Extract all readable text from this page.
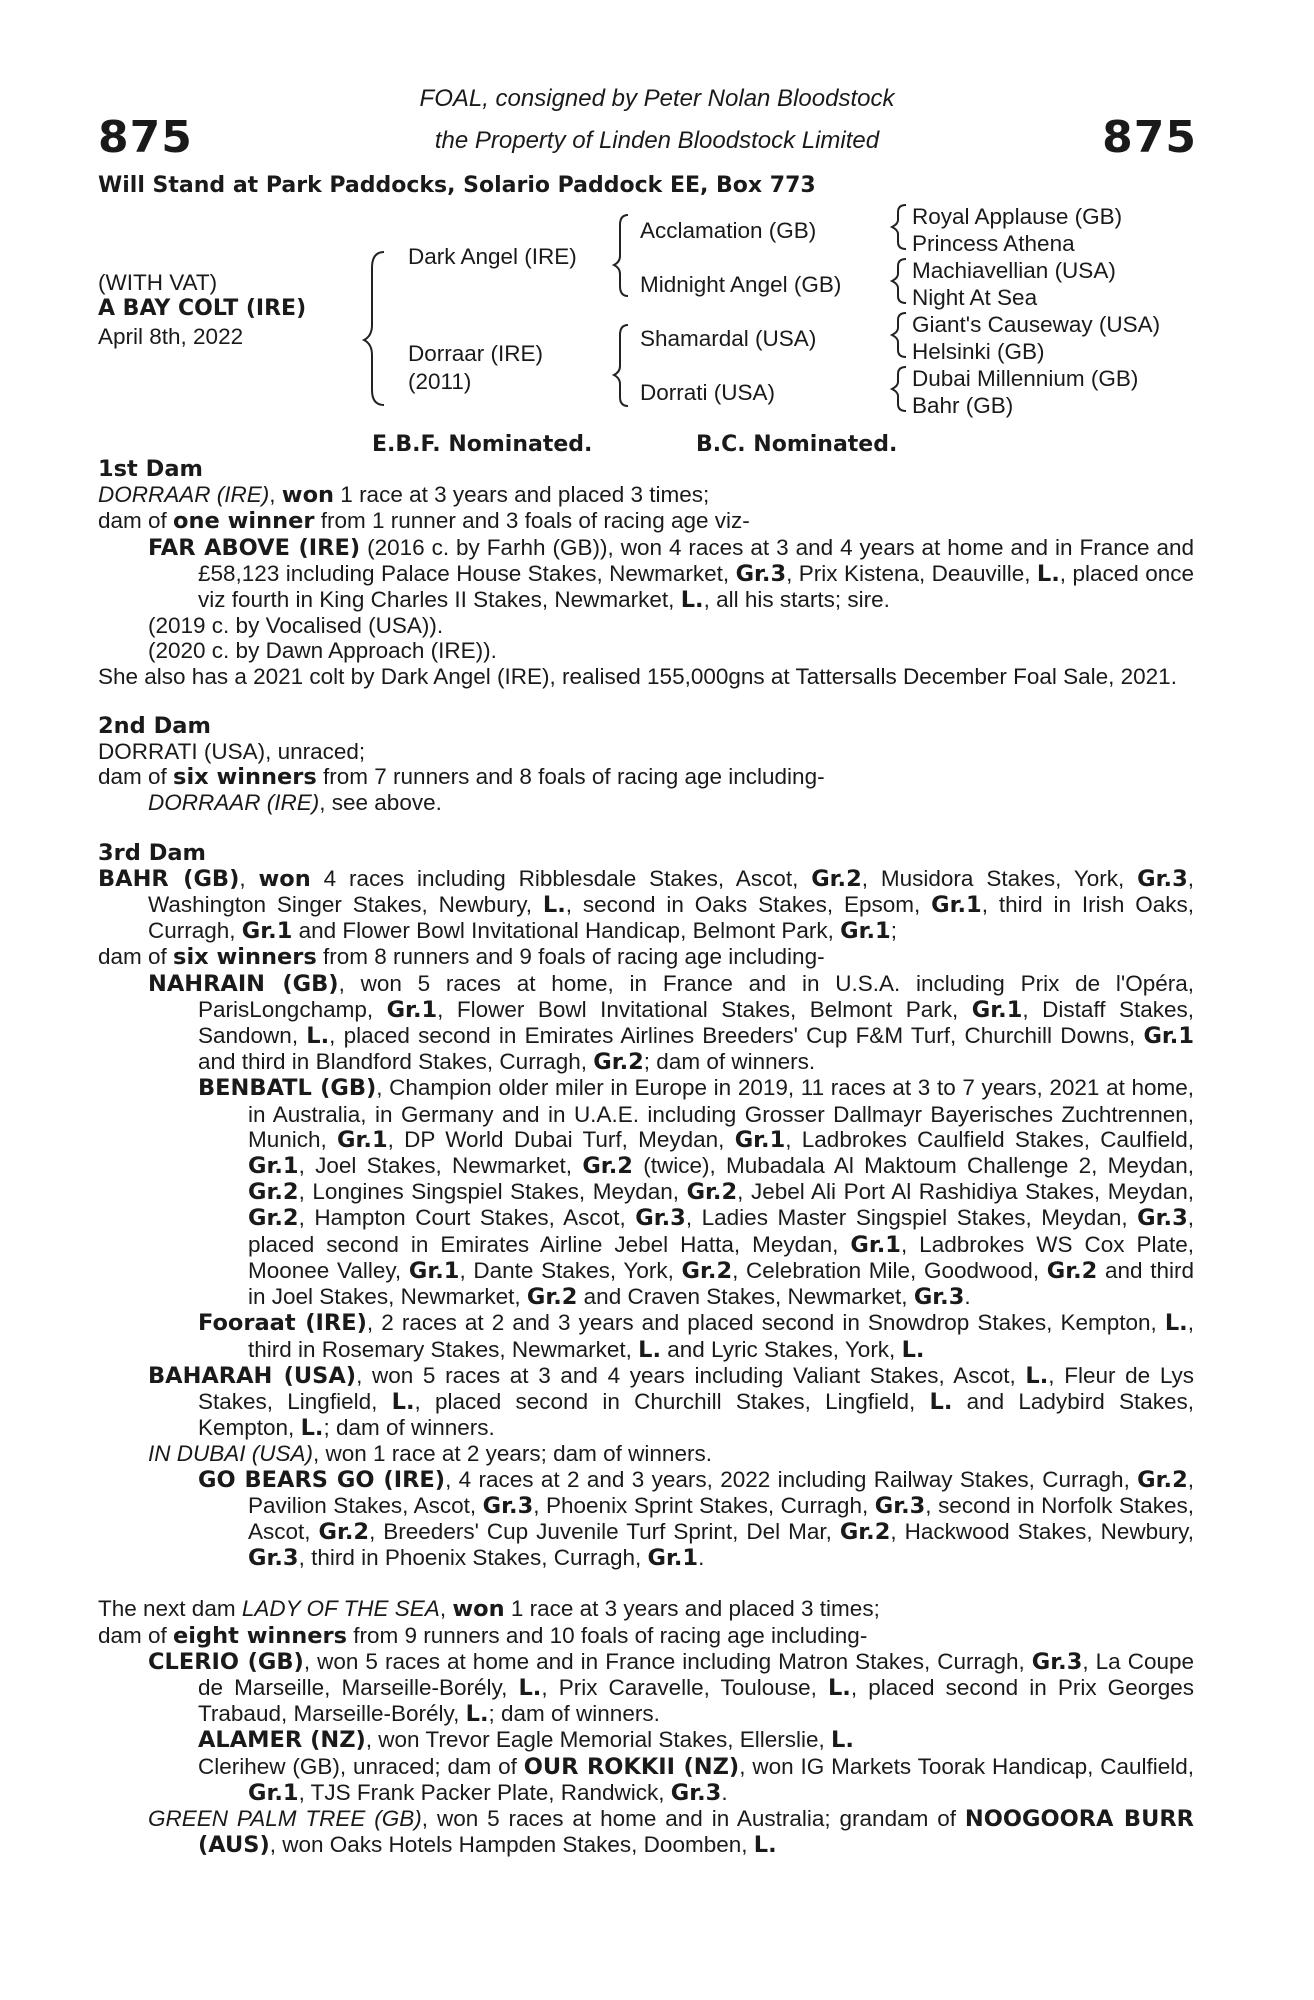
875	875
FOAL, consigned by Peter Nolan Bloodstock
the Property of Linden Bloodstock Limited
Will Stand at Park Paddocks, Solario Paddock EE, Box 773
(WITH VAT)
A BAY COLT (IRE)
April 8th, 2022
Dark Angel (IRE)
Dorraar (IRE)
(2011)
Acclamation (GB)
Midnight Angel (GB)
Shamardal (USA)
Dorrati (USA)
Royal Applause (GB)
Princess Athena
Machiavellian (USA)
Night At Sea
Giant's Causeway (USA)
Helsinki (GB)
Dubai Millennium (GB)
Bahr (GB)
E.B.F. Nominated.	B.C. Nominated.

1st Dam

DORRAAR (IRE), won 1 race at 3 years and placed 3 times;

dam of one winner from 1 runner and 3 foals of racing age viz-

FAR ABOVE (IRE) (2016 c. by Farhh (GB)), won 4 races at 3 and 4 years at home and in France and £58,123 including Palace House Stakes, Newmarket, Gr.3, Prix Kistena, Deauville, L., placed once viz fourth in King Charles II Stakes, Newmarket, L., all his starts; sire.

(2019 c. by Vocalised (USA)).

(2020 c. by Dawn Approach (IRE)).

She also has a 2021 colt by Dark Angel (IRE), realised 155,000gns at Tattersalls December Foal Sale, 2021.

2nd Dam

DORRATI (USA), unraced;

dam of six winners from 7 runners and 8 foals of racing age including-

DORRAAR (IRE), see above.

3rd Dam

BAHR (GB), won 4 races including Ribblesdale Stakes, Ascot, Gr.2, Musidora Stakes, York, Gr.3, Washington Singer Stakes, Newbury, L., second in Oaks Stakes, Epsom, Gr.1, third in Irish Oaks, Curragh, Gr.1 and Flower Bowl Invitational Handicap, Belmont Park, Gr.1;

dam of six winners from 8 runners and 9 foals of racing age including-

NAHRAIN (GB), won 5 races at home, in France and in U.S.A. including Prix de l'Opéra, ParisLongchamp, Gr.1, Flower Bowl Invitational Stakes, Belmont Park, Gr.1, Distaff Stakes, Sandown, L., placed second in Emirates Airlines Breeders' Cup F&M Turf, Churchill Downs, Gr.1 and third in Blandford Stakes, Curragh, Gr.2; dam of winners.

BENBATL (GB), Champion older miler in Europe in 2019, 11 races at 3 to 7 years, 2021 at home, in Australia, in Germany and in U.A.E. including Grosser Dallmayr Bayerisches Zuchtrennen, Munich, Gr.1, DP World Dubai Turf, Meydan, Gr.1, Ladbrokes Caulfield Stakes, Caulfield, Gr.1, Joel Stakes, Newmarket, Gr.2 (twice), Mubadala Al Maktoum Challenge 2, Meydan, Gr.2, Longines Singspiel Stakes, Meydan, Gr.2, Jebel Ali Port Al Rashidiya Stakes, Meydan, Gr.2, Hampton Court Stakes, Ascot, Gr.3, Ladies Master Singspiel Stakes, Meydan, Gr.3, placed second in Emirates Airline Jebel Hatta, Meydan, Gr.1, Ladbrokes WS Cox Plate, Moonee Valley, Gr.1, Dante Stakes, York, Gr.2, Celebration Mile, Goodwood, Gr.2 and third in Joel Stakes, Newmarket, Gr.2 and Craven Stakes, Newmarket, Gr.3.

Fooraat (IRE), 2 races at 2 and 3 years and placed second in Snowdrop Stakes, Kempton, L., third in Rosemary Stakes, Newmarket, L. and Lyric Stakes, York, L.

BAHARAH (USA), won 5 races at 3 and 4 years including Valiant Stakes, Ascot, L., Fleur de Lys Stakes, Lingfield, L., placed second in Churchill Stakes, Lingfield, L. and Ladybird Stakes, Kempton, L.; dam of winners.

IN DUBAI (USA), won 1 race at 2 years; dam of winners.

GO BEARS GO (IRE), 4 races at 2 and 3 years, 2022 including Railway Stakes, Curragh, Gr.2, Pavilion Stakes, Ascot, Gr.3, Phoenix Sprint Stakes, Curragh, Gr.3, second in Norfolk Stakes, Ascot, Gr.2, Breeders' Cup Juvenile Turf Sprint, Del Mar, Gr.2, Hackwood Stakes, Newbury, Gr.3, third in Phoenix Stakes, Curragh, Gr.1.

The next dam LADY OF THE SEA, won 1 race at 3 years and placed 3 times;

dam of eight winners from 9 runners and 10 foals of racing age including-

CLERIO (GB), won 5 races at home and in France including Matron Stakes, Curragh, Gr.3, La Coupe de Marseille, Marseille-Borély, L., Prix Caravelle, Toulouse, L., placed second in Prix Georges Trabaud, Marseille-Borély, L.; dam of winners.

ALAMER (NZ), won Trevor Eagle Memorial Stakes, Ellerslie, L.

Clerihew (GB), unraced; dam of OUR ROKKII (NZ), won IG Markets Toorak Handicap, Caulfield, Gr.1, TJS Frank Packer Plate, Randwick, Gr.3.

GREEN PALM TREE (GB), won 5 races at home and in Australia; grandam of NOOGOORA BURR (AUS), won Oaks Hotels Hampden Stakes, Doomben, L.
